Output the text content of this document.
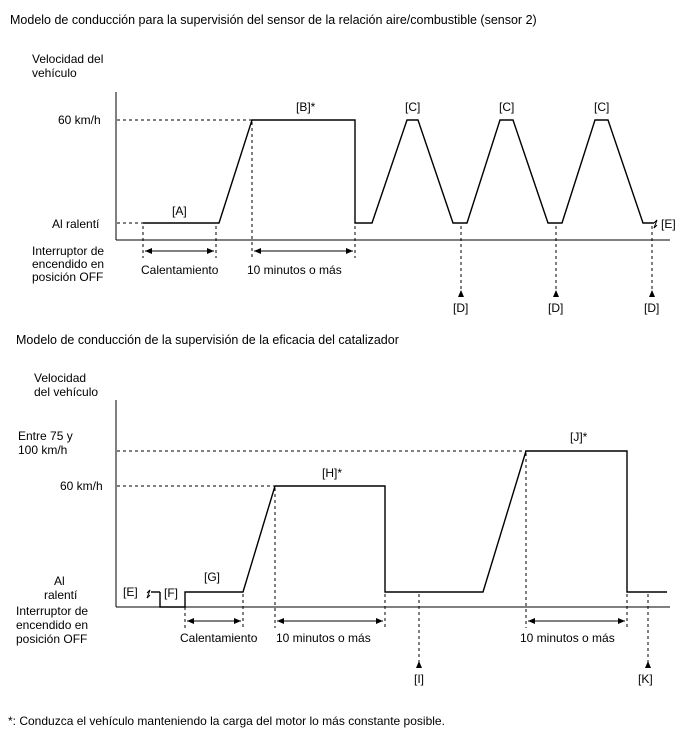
Modelo de conducción para la supervisión del sensor de la relación aire/combustible (sensor 2)
Velocidad del
vehículo
60 km/h
Al ralentí
Interruptor de
encendido en
posición OFF
[A]
[B]*	[C]	[C]	[C]
[E]
Calentamiento 10 minutos o más
[D]	[D]	[D]
Modelo de conducción de la supervisión de la eficacia del catalizador
Velocidad
del vehículo
Entre 75 y
100 km/h
60 km/h
Al
ralentí
Interruptor de
encendido en
posición OFF
[E] [F]
[G]
[H]*
[J]*
Calentamiento 10 minutos o más
[I]
10 minutos o más
[K]
*: Conduzca el vehículo manteniendo la carga del motor lo más constante posible.
